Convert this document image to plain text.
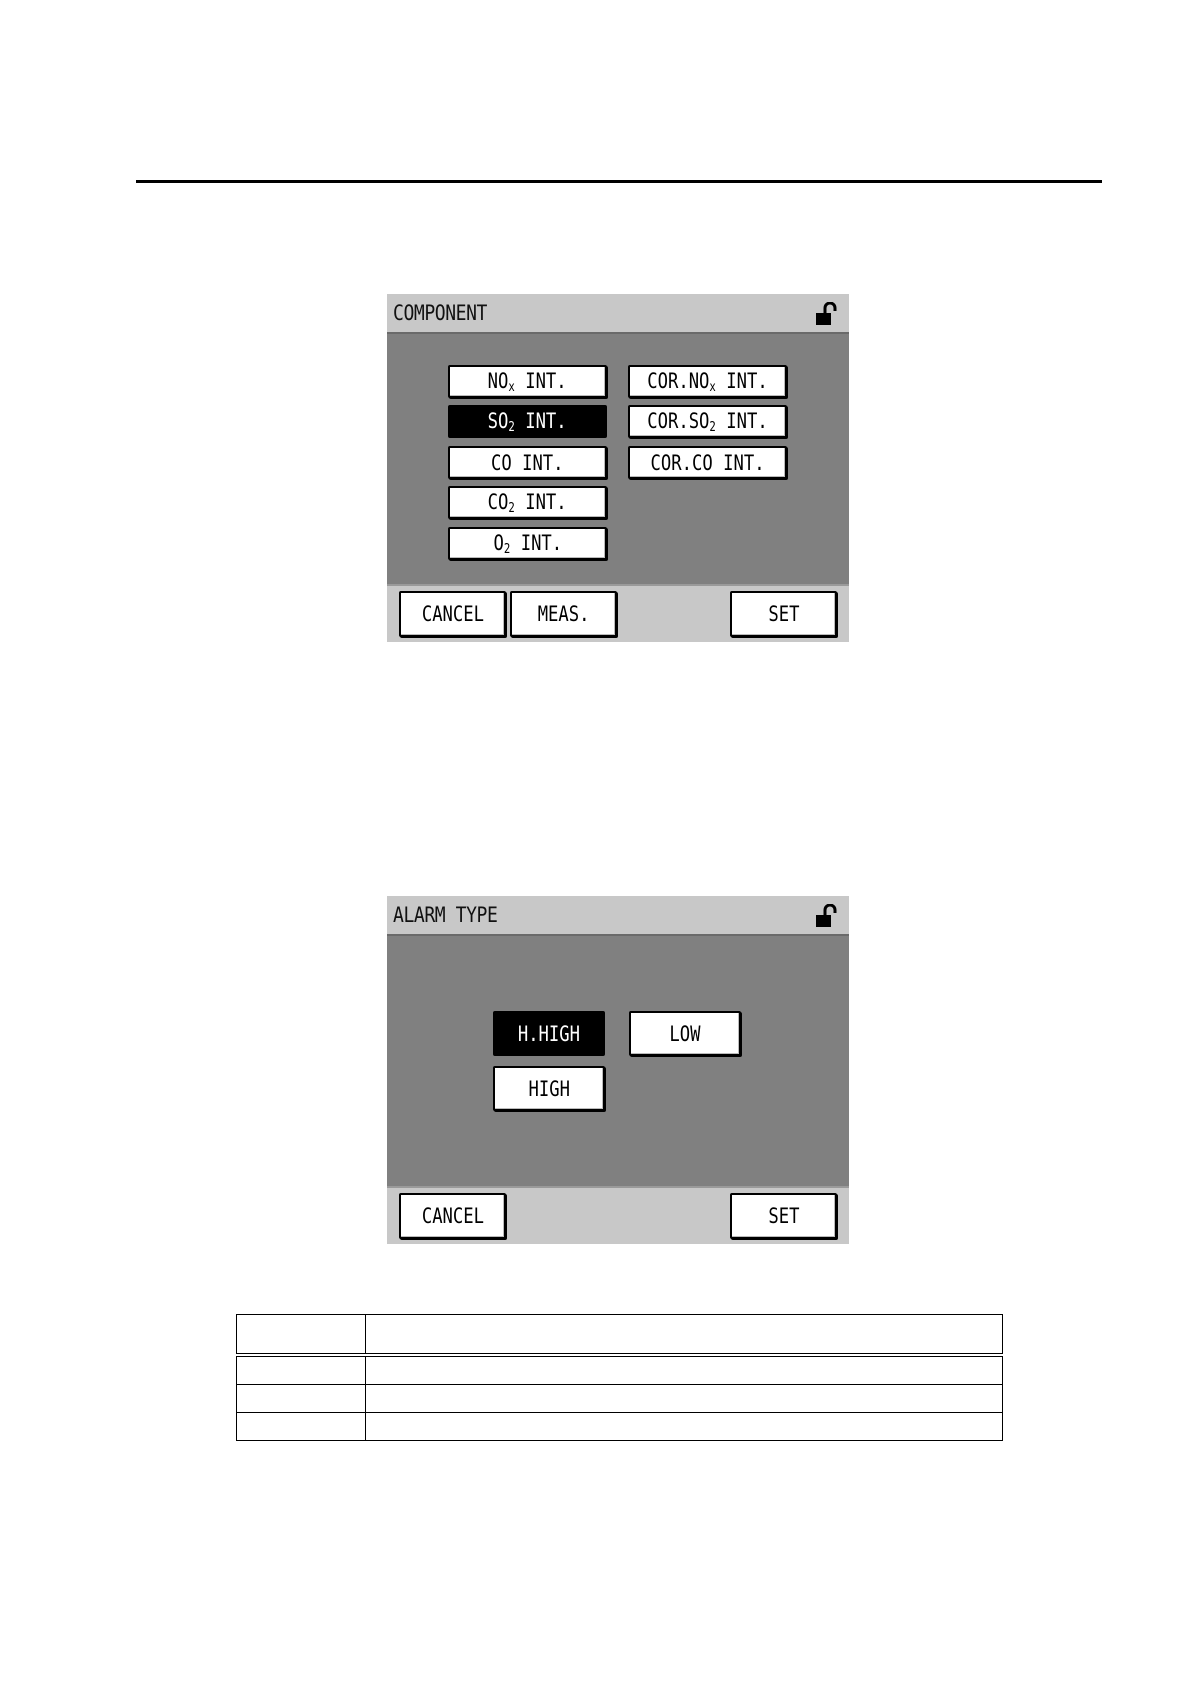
COMPONENT
$NO_x$ INT.
$SO_2$ INT.
CO INT.
$CO_2$ INT.
$O_2$ INT.
$COR.NO_x$ INT.
$COR.SO_2$ INT.
COR.CO INT.
CANCEL	MEAS.	SET
ALARM TYPE
H.HIGH
HIGH
LOW
CANCEL	SET
